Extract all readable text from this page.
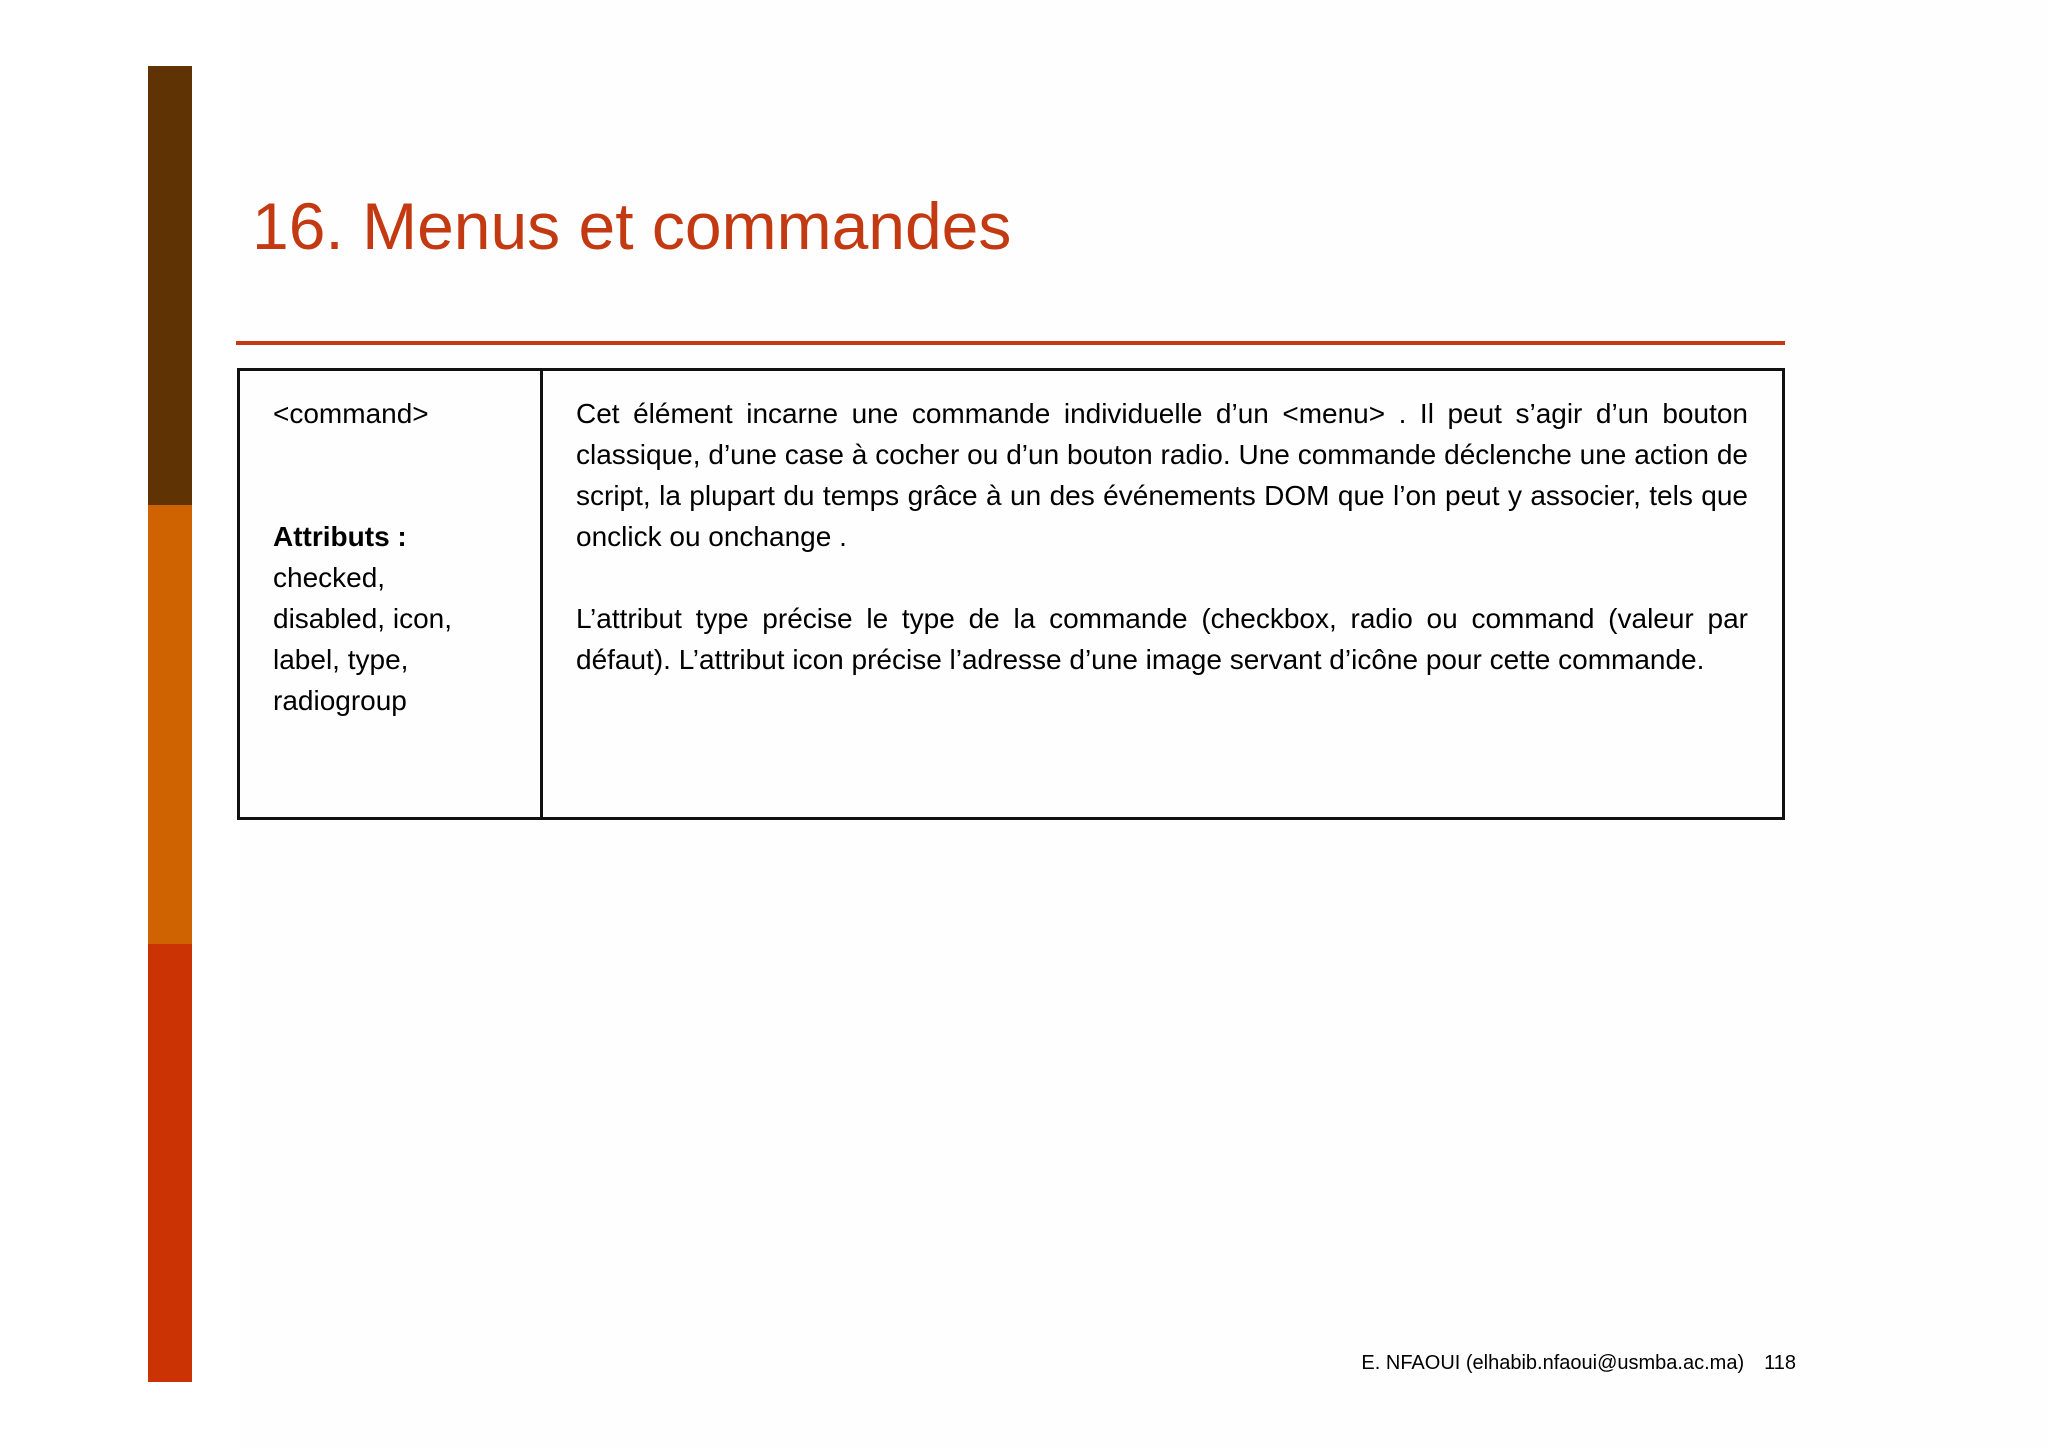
16. Menus et commandes
<command>
Attributs :
checked,
disabled, icon,
label, type,
radiogroup

Cet élément incarne une commande individuelle d’un <menu> . Il peut s’agir d’un bouton classique, d’une case à cocher ou d’un bouton radio. Une commande déclenche une action de script, la plupart du temps grâce à un des événements DOM que l’on peut y associer, tels que onclick ou onchange .

L’attribut type précise le type de la commande (checkbox, radio ou command (valeur par défaut). L’attribut icon précise l’adresse d’une image servant d’icône pour cette commande.

E. NFAOUI (elhabib.nfaoui@usmba.ac.ma) 118
